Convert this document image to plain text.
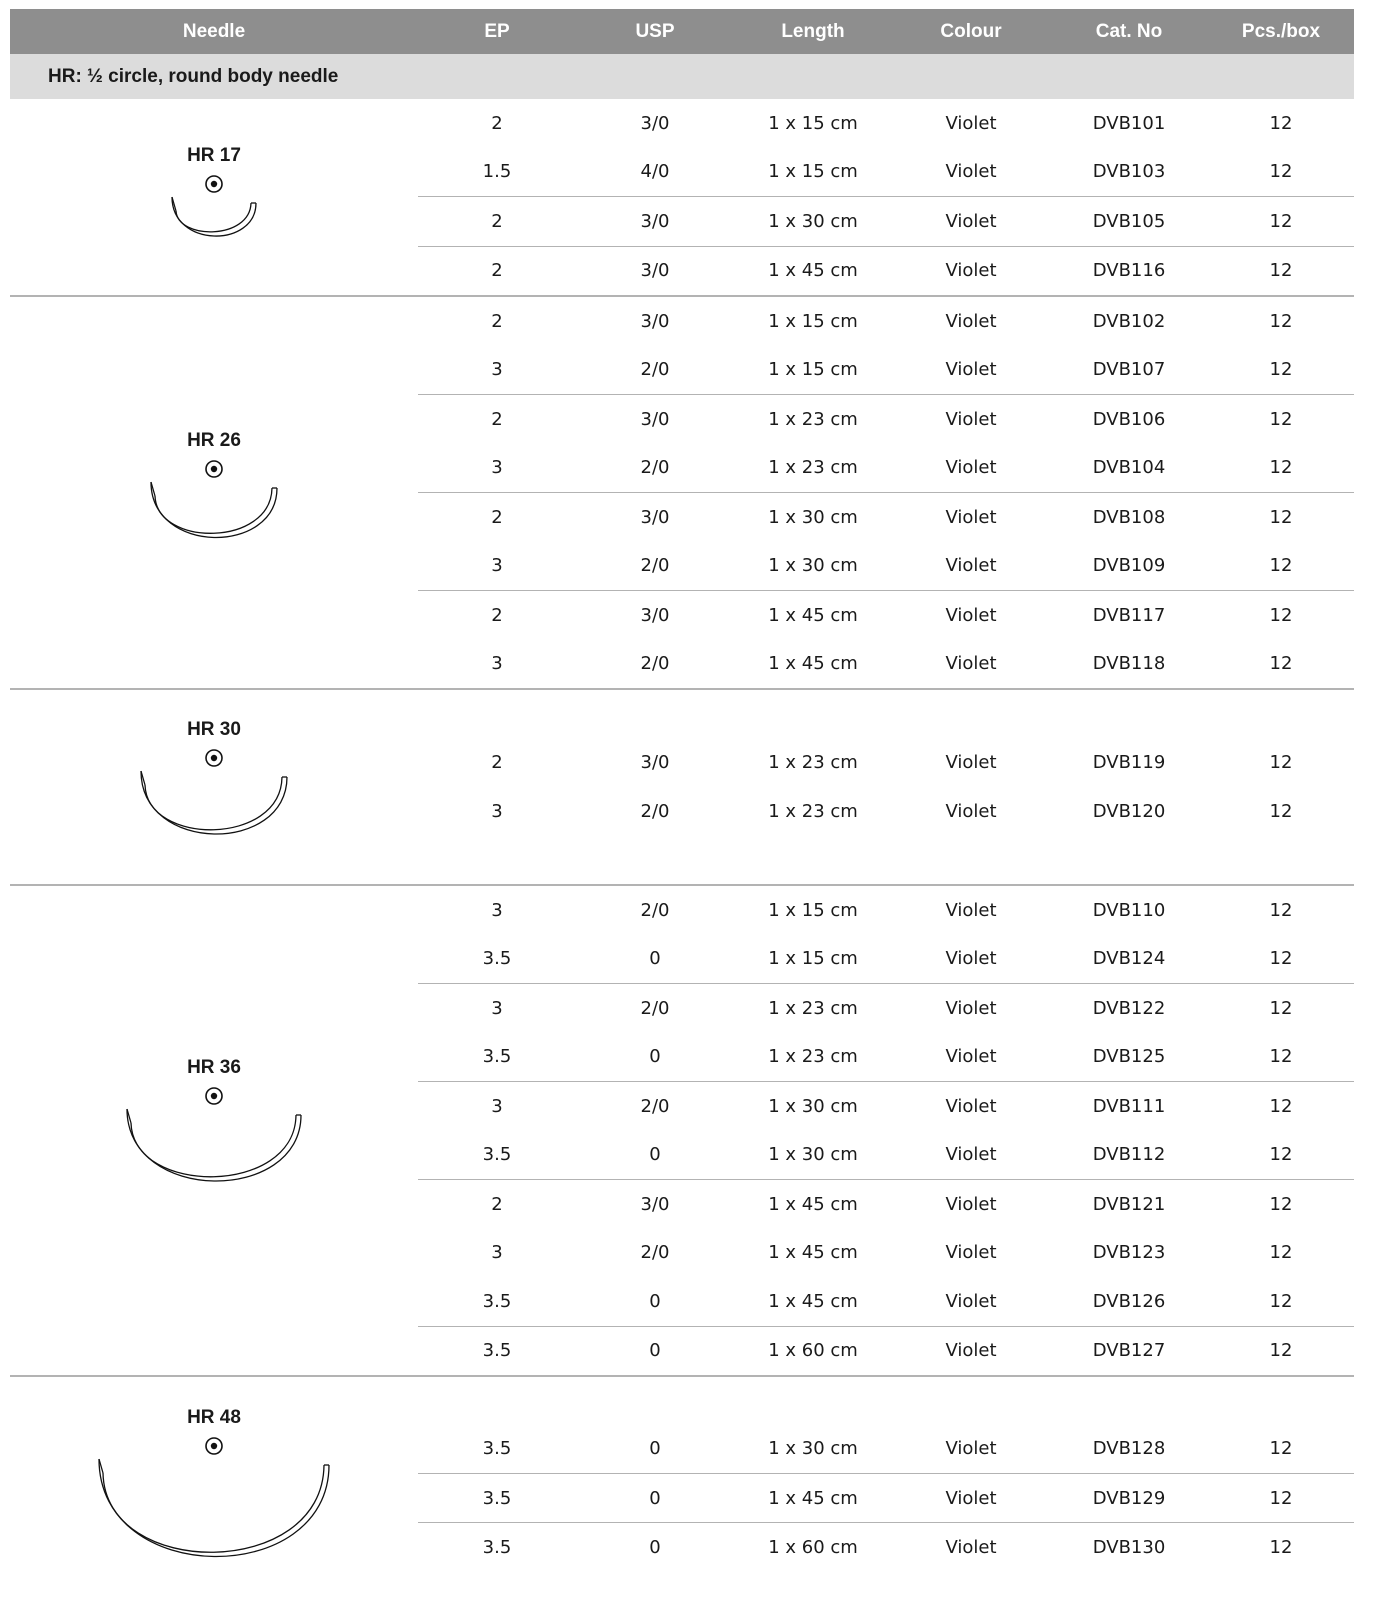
Needle	EP	USP	Length	Colour	Cat. No	Pcs./box
HR: ½ circle, round body needle
HR 17
2	3/0	1 x 15 cm	Violet	DVB101	12
1.5	4/0	1 x 15 cm	Violet	DVB103	12
2	3/0	1 x 30 cm	Violet	DVB105	12
2	3/0	1 x 45 cm	Violet	DVB116	12
HR 26
2	3/0	1 x 15 cm	Violet	DVB102	12
3	2/0	1 x 15 cm	Violet	DVB107	12
2	3/0	1 x 23 cm	Violet	DVB106	12
3	2/0	1 x 23 cm	Violet	DVB104	12
2	3/0	1 x 30 cm	Violet	DVB108	12
3	2/0	1 x 30 cm	Violet	DVB109	12
2	3/0	1 x 45 cm	Violet	DVB117	12
3	2/0	1 x 45 cm	Violet	DVB118	12
HR 30
2	3/0	1 x 23 cm	Violet	DVB119	12
3	2/0	1 x 23 cm	Violet	DVB120	12
HR 36
3	2/0	1 x 15 cm	Violet	DVB110	12
3.5	0	1 x 15 cm	Violet	DVB124	12
3	2/0	1 x 23 cm	Violet	DVB122	12
3.5	0	1 x 23 cm	Violet	DVB125	12
3	2/0	1 x 30 cm	Violet	DVB111	12
3.5	0	1 x 30 cm	Violet	DVB112	12
2	3/0	1 x 45 cm	Violet	DVB121	12
3	2/0	1 x 45 cm	Violet	DVB123	12
3.5	0	1 x 45 cm	Violet	DVB126	12
3.5	0	1 x 60 cm	Violet	DVB127	12
HR 48
3.5	0	1 x 30 cm	Violet	DVB128	12
3.5	0	1 x 45 cm	Violet	DVB129	12
3.5	0	1 x 60 cm	Violet	DVB130	12
